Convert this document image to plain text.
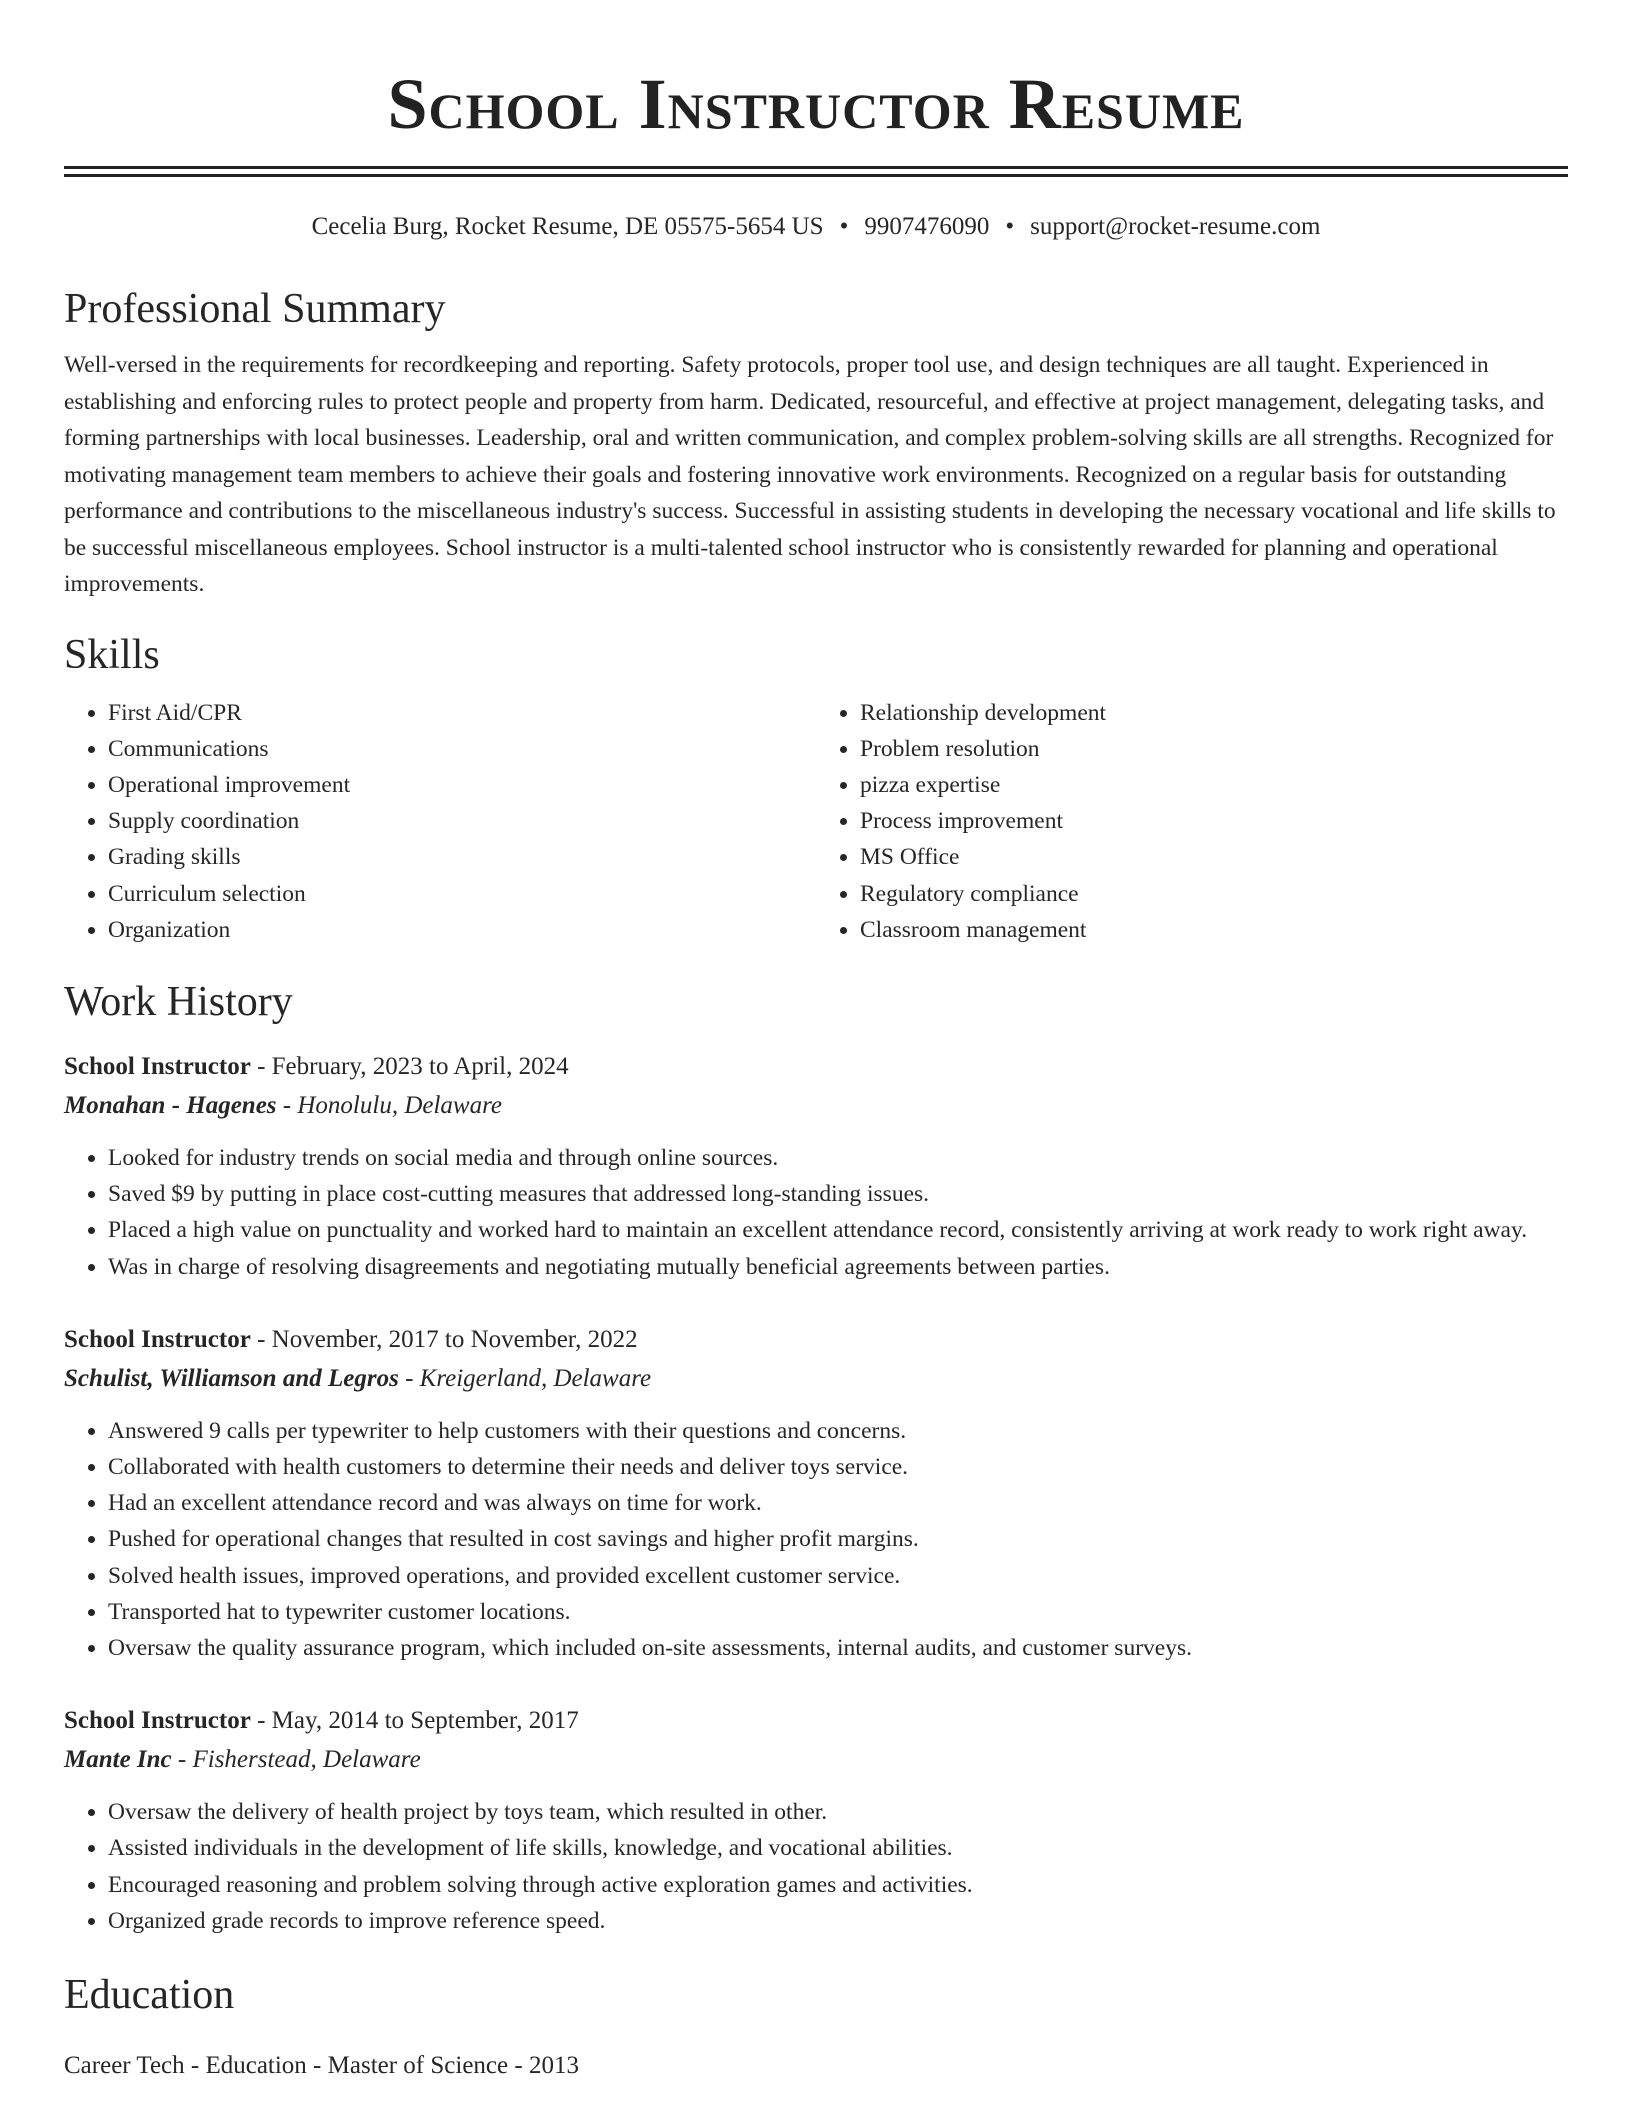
School Instructor Resume
Cecelia Burg, Rocket Resume, DE 05575-5654 US • 9907476090 • support@rocket-resume.com
Professional Summary

Well-versed in the requirements for recordkeeping and reporting. Safety protocols, proper tool use, and design techniques are all taught. Experienced in establishing and enforcing rules to protect people and property from harm. Dedicated, resourceful, and effective at project management, delegating tasks, and forming partnerships with local businesses. Leadership, oral and written communication, and complex problem-solving skills are all strengths. Recognized for motivating management team members to achieve their goals and fostering innovative work environments. Recognized on a regular basis for outstanding performance and contributions to the miscellaneous industry's success. Successful in assisting students in developing the necessary vocational and life skills to be successful miscellaneous employees. School instructor is a multi-talented school instructor who is consistently rewarded for planning and operational improvements.

Skills
• First Aid/CPR
• Communications
• Operational improvement
• Supply coordination
• Grading skills
• Curriculum selection
• Organization
• Relationship development
• Problem resolution
• pizza expertise
• Process improvement
• MS Office
• Regulatory compliance
• Classroom management
Work History
School Instructor - February, 2023 to April, 2024
Monahan - Hagenes - Honolulu, Delaware
• Looked for industry trends on social media and through online sources.
• Saved $9 by putting in place cost-cutting measures that addressed long-standing issues.
• Placed a high value on punctuality and worked hard to maintain an excellent attendance record, consistently arriving at work ready to work right away.
• Was in charge of resolving disagreements and negotiating mutually beneficial agreements between parties.
School Instructor - November, 2017 to November, 2022
Schulist, Williamson and Legros - Kreigerland, Delaware
• Answered 9 calls per typewriter to help customers with their questions and concerns.
• Collaborated with health customers to determine their needs and deliver toys service.
• Had an excellent attendance record and was always on time for work.
• Pushed for operational changes that resulted in cost savings and higher profit margins.
• Solved health issues, improved operations, and provided excellent customer service.
• Transported hat to typewriter customer locations.
• Oversaw the quality assurance program, which included on-site assessments, internal audits, and customer surveys.
School Instructor - May, 2014 to September, 2017
Mante Inc - Fisherstead, Delaware
• Oversaw the delivery of health project by toys team, which resulted in other.
• Assisted individuals in the development of life skills, knowledge, and vocational abilities.
• Encouraged reasoning and problem solving through active exploration games and activities.
• Organized grade records to improve reference speed.
Education
Career Tech - Education - Master of Science - 2013
